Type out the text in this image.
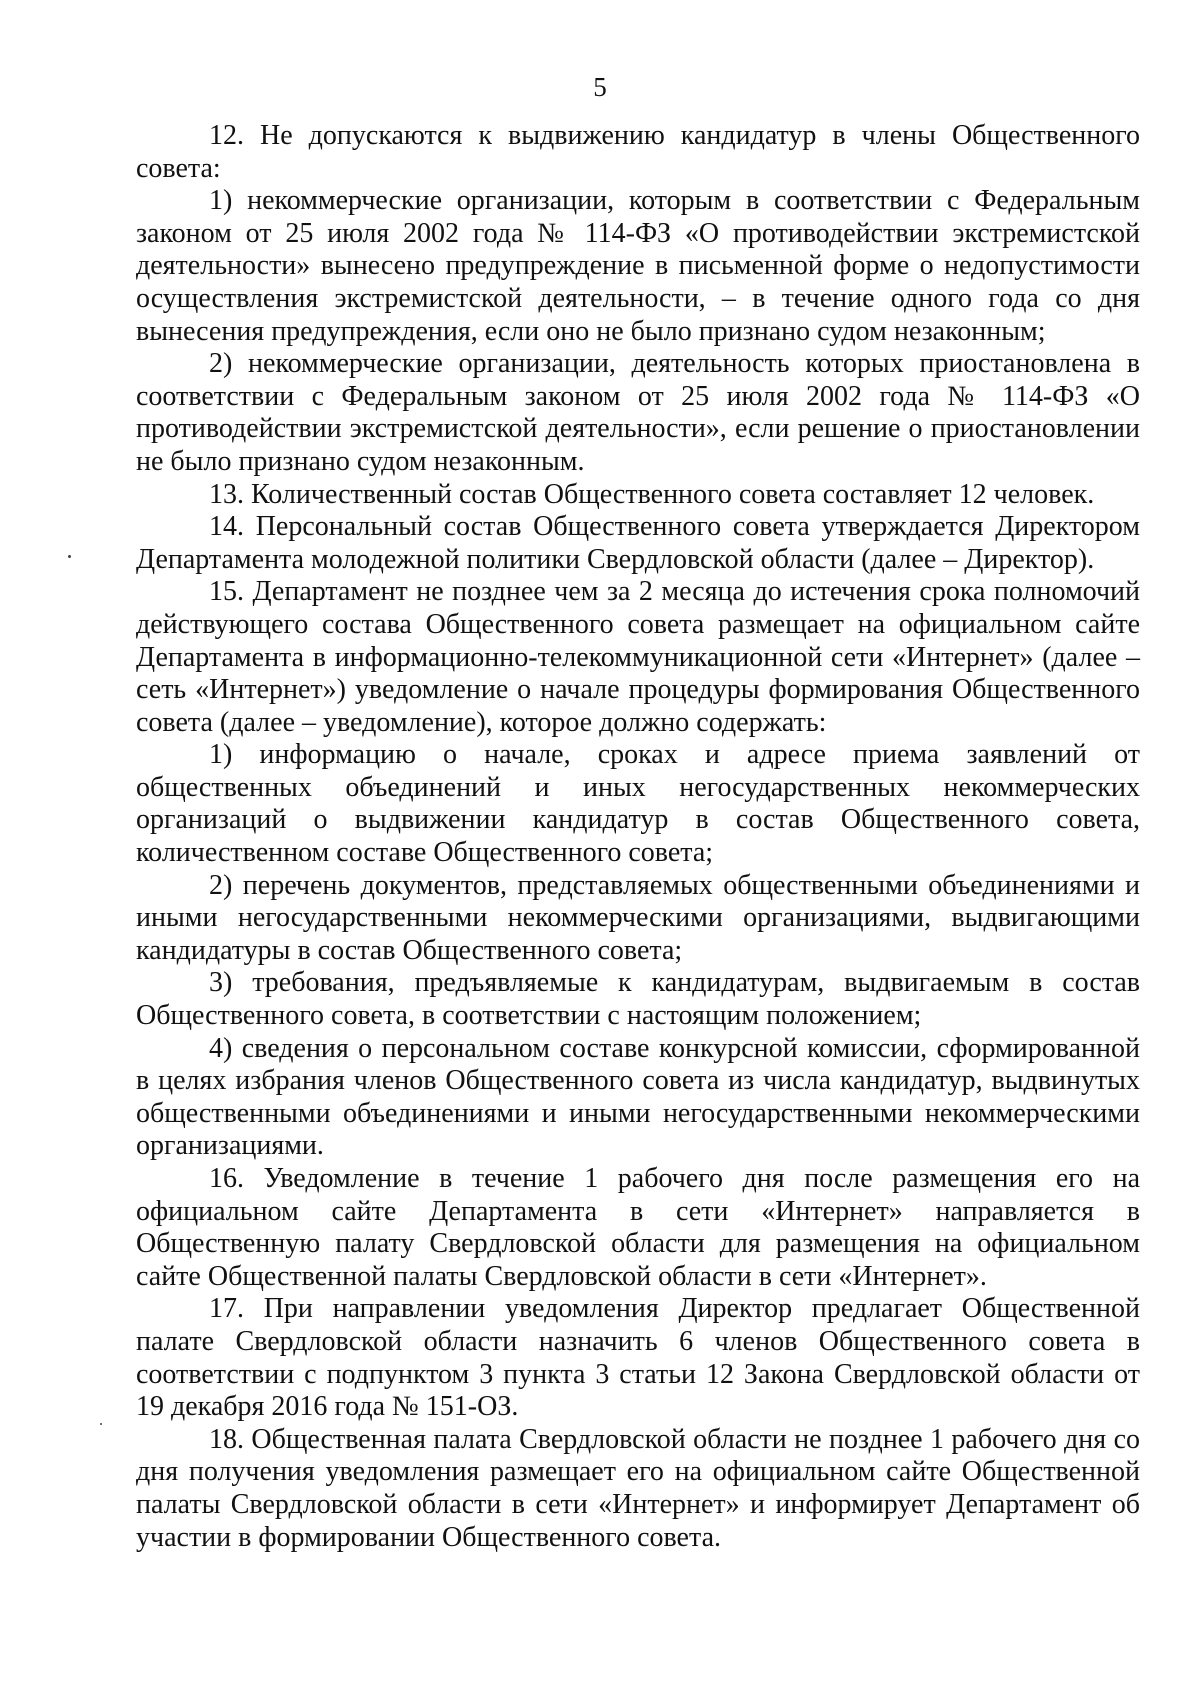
5

12. Не допускаются к выдвижению кандидатур в члены Общественного совета:

1) некоммерческие организации, которым в соответствии с Федеральным законом от 25 июля 2002 года № 114-ФЗ «О противодействии экстремистской деятельности» вынесено предупреждение в письменной форме о недопустимости осуществления экстремистской деятельности, – в течение одного года со дня вынесения предупреждения, если оно не было признано судом незаконным;

2) некоммерческие организации, деятельность которых приостановлена в соответствии с Федеральным законом от 25 июля 2002 года № 114-ФЗ «О противодействии экстремистской деятельности», если решение о приостановлении не было признано судом незаконным.

13. Количественный состав Общественного совета составляет 12 человек.

14. Персональный состав Общественного совета утверждается Директором Департамента молодежной политики Свердловской области (далее – Директор).

15. Департамент не позднее чем за 2 месяца до истечения срока полномочий действующего состава Общественного совета размещает на официальном сайте Департамента в информационно-телекоммуникационной сети «Интернет» (далее – сеть «Интернет») уведомление о начале процедуры формирования Общественного совета (далее – уведомление), которое должно содержать:

1) информацию о начале, сроках и адресе приема заявлений от общественных объединений и иных негосударственных некоммерческих организаций о выдвижении кандидатур в состав Общественного совета, количественном составе Общественного совета;

2) перечень документов, представляемых общественными объединениями и иными негосударственными некоммерческими организациями, выдвигающими кандидатуры в состав Общественного совета;

3) требования, предъявляемые к кандидатурам, выдвигаемым в состав Общественного совета, в соответствии с настоящим положением;

4) сведения о персональном составе конкурсной комиссии, сформированной в целях избрания членов Общественного совета из числа кандидатур, выдвинутых общественными объединениями и иными негосударственными некоммерческими организациями.

16. Уведомление в течение 1 рабочего дня после размещения его на официальном сайте Департамента в сети «Интернет» направляется в Общественную палату Свердловской области для размещения на официальном сайте Общественной палаты Свердловской области в сети «Интернет».

17. При направлении уведомления Директор предлагает Общественной палате Свердловской области назначить 6 членов Общественного совета в соответствии с подпунктом 3 пункта 3 статьи 12 Закона Свердловской области от 19 декабря 2016 года № 151-ОЗ.

18. Общественная палата Свердловской области не позднее 1 рабочего дня со дня получения уведомления размещает его на официальном сайте Общественной палаты Свердловской области в сети «Интернет» и информирует Департамент об участии в формировании Общественного совета.
